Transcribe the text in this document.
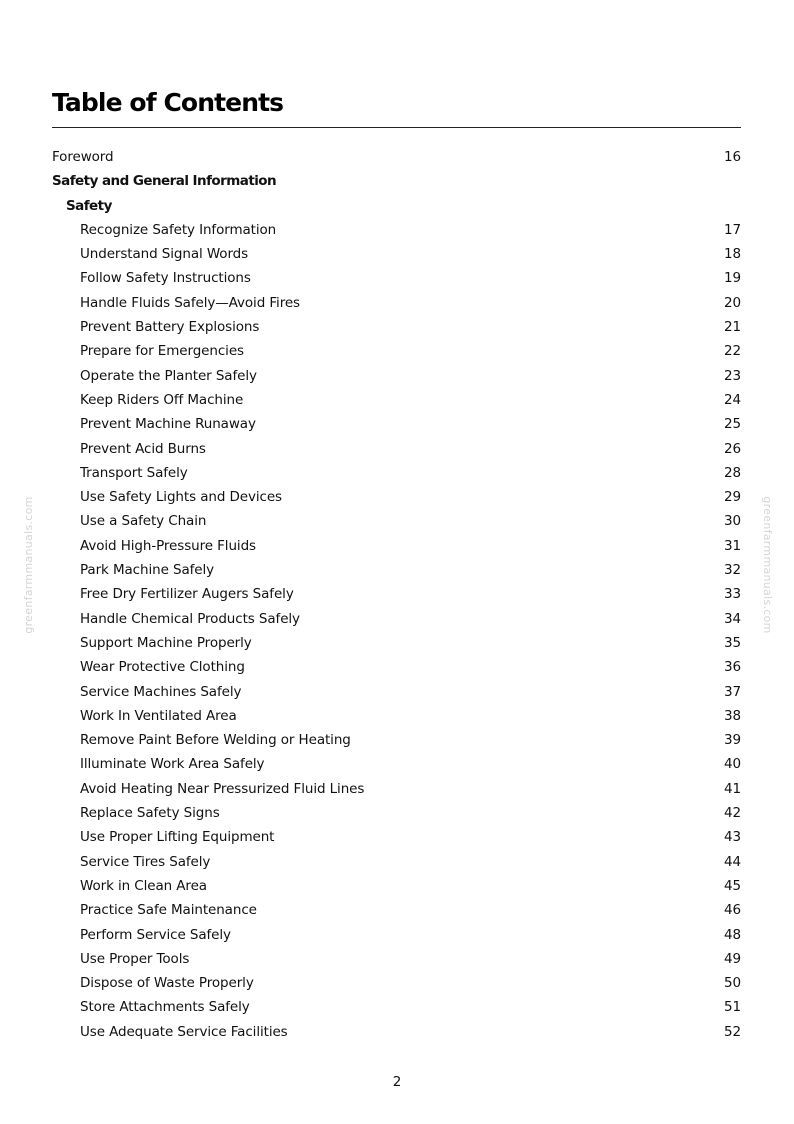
Table of Contents
Foreword	16
Safety and General Information
Safety
Recognize Safety Information	17
Understand Signal Words	18
Follow Safety Instructions	19
Handle Fluids Safely—Avoid Fires	20
Prevent Battery Explosions	21
Prepare for Emergencies	22
Operate the Planter Safely	23
Keep Riders Off Machine	24
Prevent Machine Runaway	25
Prevent Acid Burns	26
Transport Safely	28
Use Safety Lights and Devices	29
Use a Safety Chain	30
Avoid High-Pressure Fluids	31
Park Machine Safely	32
Free Dry Fertilizer Augers Safely	33
Handle Chemical Products Safely	34
Support Machine Properly	35
Wear Protective Clothing	36
Service Machines Safely	37
Work In Ventilated Area	38
Remove Paint Before Welding or Heating	39
Illuminate Work Area Safely	40
Avoid Heating Near Pressurized Fluid Lines	41
Replace Safety Signs	42
Use Proper Lifting Equipment	43
Service Tires Safely	44
Work in Clean Area	45
Practice Safe Maintenance	46
Perform Service Safely	48
Use Proper Tools	49
Dispose of Waste Properly	50
Store Attachments Safely	51
Use Adequate Service Facilities	52
greenfarmmanuals.com	greenfarmmanuals.com
2
